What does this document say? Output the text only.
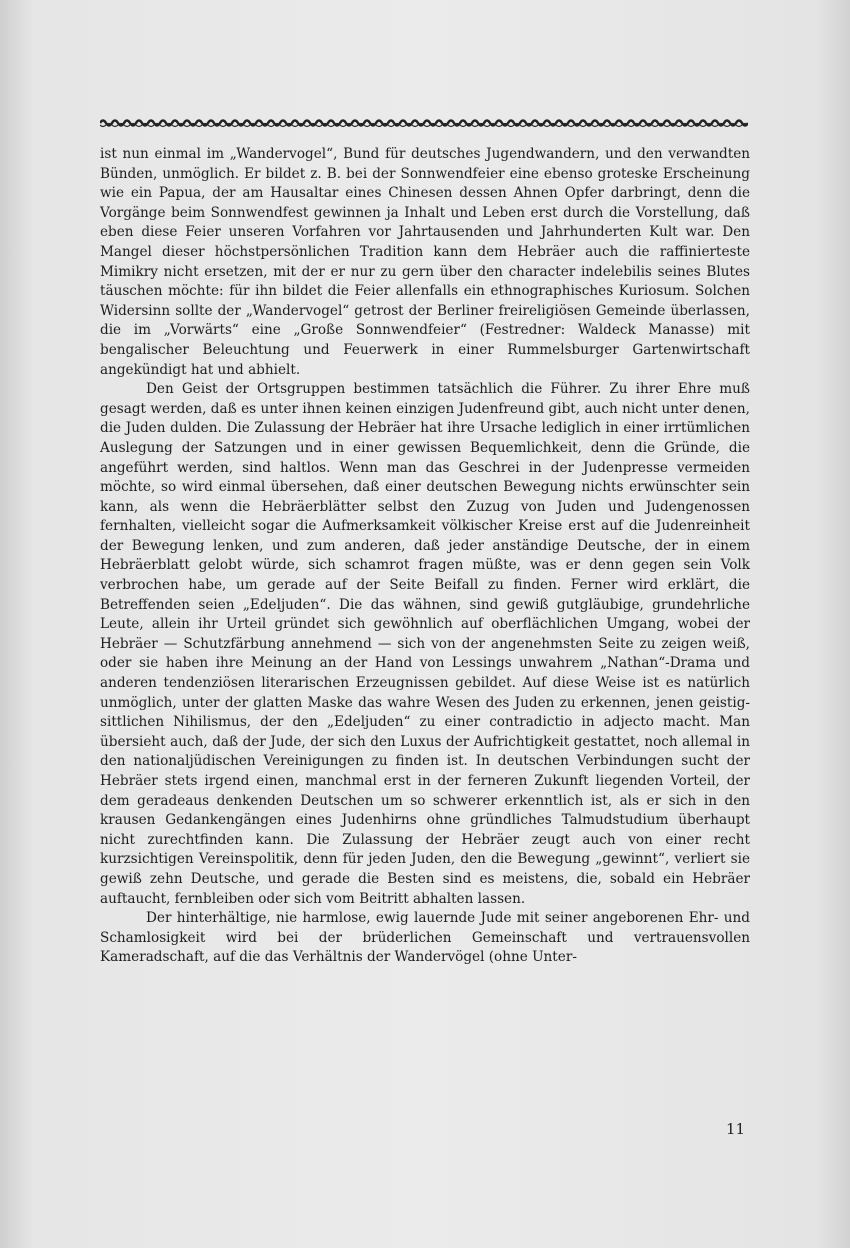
ist nun einmal im „Wandervogel“, Bund für deutsches Jugendwandern, und den verwandten Bünden, unmöglich. Er bildet z. B. bei der Sonnwendfeier eine ebenso groteske Erscheinung wie ein Papua, der am Hausaltar eines Chinesen dessen Ahnen Opfer darbringt, denn die Vorgänge beim Sonnwendfest gewinnen ja Inhalt und Leben erst durch die Vorstellung, daß eben diese Feier unseren Vorfahren vor Jahrtausenden und Jahrhunderten Kult war. Den Mangel dieser höchstpersönlichen Tradition kann dem Hebräer auch die raffinierteste Mimikry nicht ersetzen, mit der er nur zu gern über den character indelebilis seines Blutes täuschen möchte: für ihn bildet die Feier allenfalls ein ethnographisches Kuriosum. Solchen Widersinn sollte der „Wandervogel“ getrost der Berliner freireligiösen Gemeinde überlassen, die im „Vorwärts“ eine „Große Sonnwendfeier“ (Festredner: Waldeck Manasse) mit bengalischer Beleuchtung und Feuerwerk in einer Rummelsburger Gartenwirtschaft angekündigt hat und abhielt.

Den Geist der Ortsgruppen bestimmen tatsächlich die Führer. Zu ihrer Ehre muß gesagt werden, daß es unter ihnen keinen einzigen Judenfreund gibt, auch nicht unter denen, die Juden dulden. Die Zulassung der Hebräer hat ihre Ursache lediglich in einer irrtümlichen Auslegung der Satzungen und in einer gewissen Bequemlichkeit, denn die Gründe, die angeführt werden, sind haltlos. Wenn man das Geschrei in der Judenpresse vermeiden möchte, so wird einmal übersehen, daß einer deutschen Bewegung nichts erwünschter sein kann, als wenn die Hebräerblätter selbst den Zuzug von Juden und Judengenossen fernhalten, vielleicht sogar die Aufmerksamkeit völkischer Kreise erst auf die Judenreinheit der Bewegung lenken, und zum anderen, daß jeder anständige Deutsche, der in einem Hebräerblatt gelobt würde, sich schamrot fragen müßte, was er denn gegen sein Volk verbrochen habe, um gerade auf der Seite Beifall zu finden. Ferner wird erklärt, die Betreffenden seien „Edeljuden“. Die das wähnen, sind gewiß gutgläubige, grundehrliche Leute, allein ihr Urteil gründet sich gewöhnlich auf oberflächlichen Umgang, wobei der Hebräer — Schutzfärbung annehmend — sich von der angenehmsten Seite zu zeigen weiß, oder sie haben ihre Meinung an der Hand von Lessings unwahrem „Nathan“-Drama und anderen tendenziösen literarischen Erzeugnissen gebildet. Auf diese Weise ist es natürlich unmöglich, unter der glatten Maske das wahre Wesen des Juden zu erkennen, jenen geistig-sittlichen Nihilismus, der den „Edeljuden“ zu einer contradictio in adjecto macht. Man übersieht auch, daß der Jude, der sich den Luxus der Aufrichtigkeit gestattet, noch allemal in den nationaljüdischen Vereinigungen zu finden ist. In deutschen Verbindungen sucht der Hebräer stets irgend einen, manchmal erst in der ferneren Zukunft liegenden Vorteil, der dem geradeaus denkenden Deutschen um so schwerer erkenntlich ist, als er sich in den krausen Gedankengängen eines Judenhirns ohne gründliches Talmudstudium überhaupt nicht zurechtfinden kann. Die Zulassung der Hebräer zeugt auch von einer recht kurzsichtigen Vereinspolitik, denn für jeden Juden, den die Bewegung „gewinnt“, verliert sie gewiß zehn Deutsche, und gerade die Besten sind es meistens, die, sobald ein Hebräer auftaucht, fernbleiben oder sich vom Beitritt abhalten lassen.

Der hinterhältige, nie harmlose, ewig lauernde Jude mit seiner angeborenen Ehr- und Schamlosigkeit wird bei der brüderlichen Gemeinschaft und vertrauensvollen Kameradschaft, auf die das Verhältnis der Wandervögel (ohne Unter-

11
